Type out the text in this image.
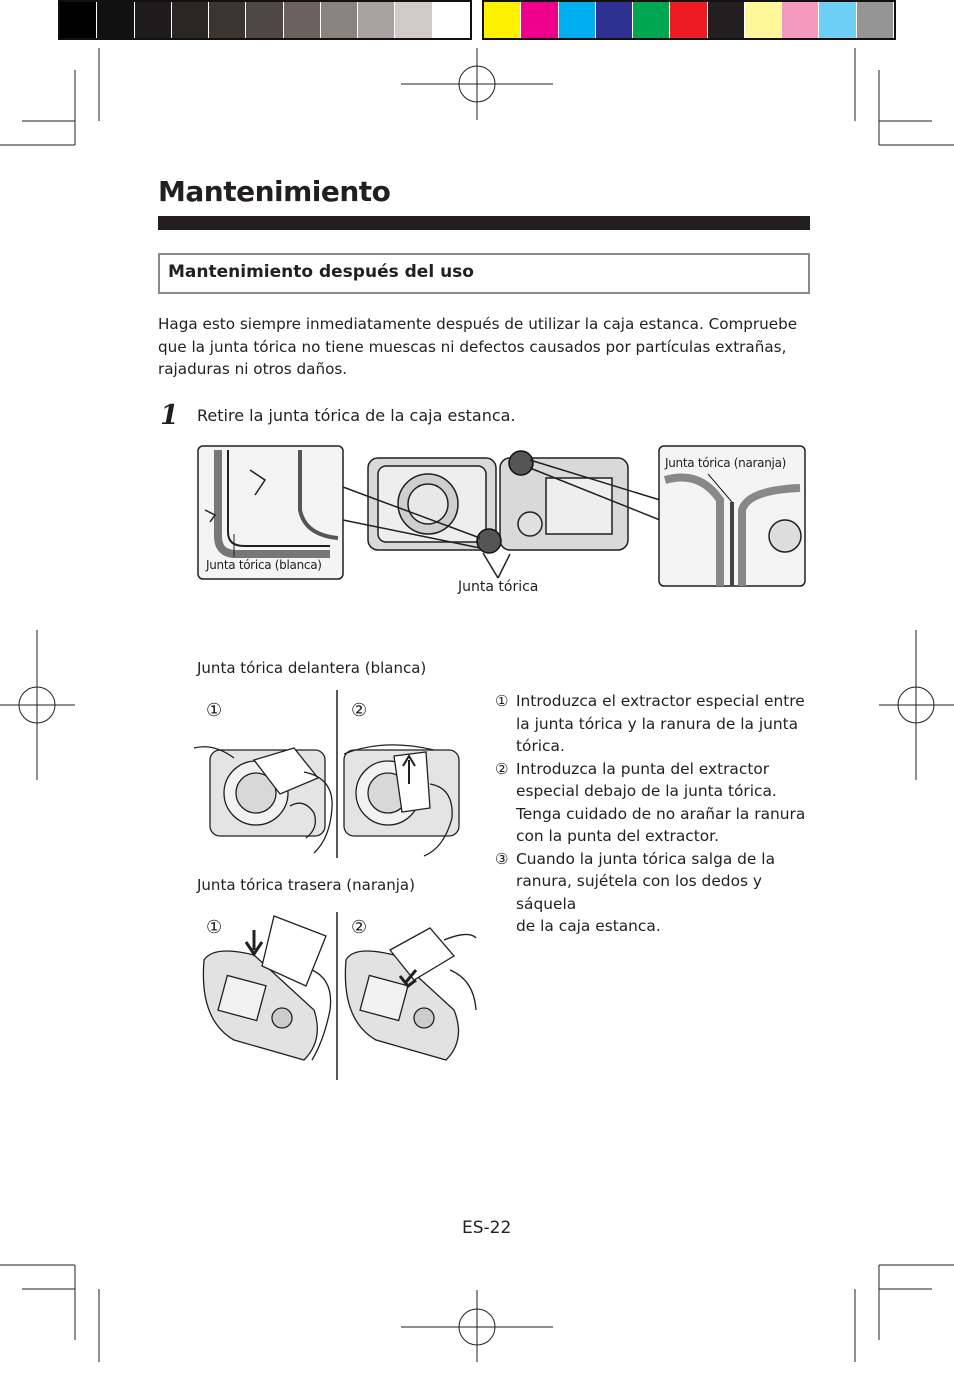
Mantenimiento
Mantenimiento después del uso
Haga esto siempre inmediatamente después de utilizar la caja estanca. Compruebe
que la junta tórica no tiene muescas ni defectos causados por partículas extrañas,
rajaduras ni otros daños.
1 Retire la junta tórica de la caja estanca.
Junta tórica (blanca)
Junta tórica (naranja)
Junta tórica
Junta tórica delantera (blanca)
①	②
Junta tórica trasera (naranja)
①	②
① Introduzca el extractor especial entre
la junta tórica y la ranura de la junta
tórica.
② Introduzca la punta del extractor
especial debajo de la junta tórica.
Tenga cuidado de no arañar la ranura
con la punta del extractor.
③ Cuando la junta tórica salga de la
ranura, sujétela con los dedos y sáquela
de la caja estanca.
ES-22
